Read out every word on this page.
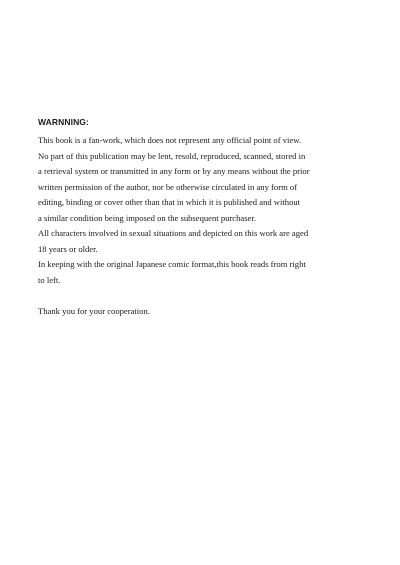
WARNNING:
This book is a fan-work, which does not represent any official point of view.
No part of this publication may be lent, resold, reproduced, scanned, stored in
a retrieval system or transmitted in any form or by any means without the prior
written permission of the author, nor be otherwise circulated in any form of
editing, binding or cover other than that in which it is published and without
a similar condition being imposed on the subsequent purchaser.
All characters involved in sexual situations and depicted on this work are aged
18 years or older.
In keeping with the original Japanese comic format,this book reads from right
to left.
Thank you for your cooperation.
